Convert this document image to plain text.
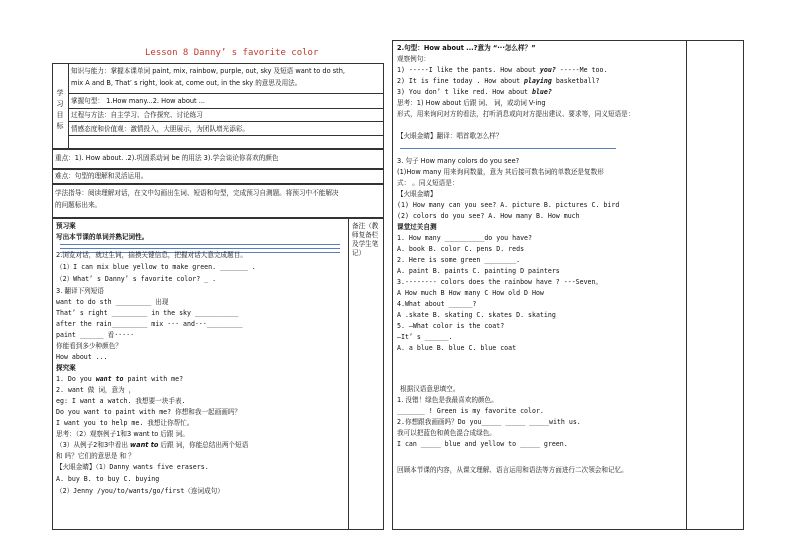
Lesson 8 Danny’ s favorite color
学
习
目
标
知识与能力：掌握本课单词 paint, mix, rainbow, purple, out, sky 及短语 want to do sth,
mix A and B, That’ s right, look at, come out, in the sky 的意思及用法。
掌握句型： 1.How many...2. How about ...
过程与方法：自主学习、合作探究、讨论练习
情感态度和价值观：激情投入，大胆展示，为团队增光添彩。
重点：1). How about. .2).巩固系动词 be 的用法 3).学会谈论你喜欢的颜色
难点：句型的理解和灵活运用。
学法指导：阅读理解对话，在文中勾画出生词、短语和句型，完成预习自测题。将预习中不能解决
的问题标出来。
预习案
写出本节课的单词并熟记词性。
备注（教
师复备栏
及学生笔
记）
2.浏览对话，就过生词，揣摸关键信息，把握对话大意完成题目。
（1）I can mix blue yellow to make green. _______ .
（2）What’ s Danny’ s favorite color? _ .
3. 翻译下列短语
want to do sth _________ 出现
That’ s right _________ in the sky ___________
after the rain_________ mix ··· and···_________
paint ______ 看·····
你能看到多少种颜色？
How about ...
探究案
1. Do you want to paint with me?
2. want 做 词，意为 ，
eg: I want a watch. 我想要一块手表.
Do you want to paint with me? 你想和我一起画画吗？
I want you to help me. 我想让你帮忙。
思考：（2）观察例子1和3 want to 后跟 词。
（3）从例子2和3中看出 want to 后跟 词，你能总结出两个短语
和 吗？它们的意思是 和 ？
【火眼金睛】（1）Danny wants five erasers.
A. buy B. to buy C. buying
（2）Jenny /you/to/wants/go/first（连词成句）
2.句型：How about ...?意为 “···怎么样？”
观察例句：
1) -----I like the pants. How about you? -----Me too.
2) It is fine today . How about playing basketball?
3) You don’ t like red. How about blue?
思考：1) How about 后跟 词、 词，或动词 V-ing
形式，用来询问对方的看法，打听消息或向对方提出建议、要求等，同义短语是：
【火眼金睛】翻译：唱首歌怎么样？
3. 句子 How many colors do you see?
(1)How many 用来询问数量，意为 其后接可数名词的单数还是复数形
式： 。同义短语是：
【火眼金睛】
(1) How many can you see? A. picture B. pictures C. bird
(2) colors do you see? A. How many B. How much
课堂过关自测
1. How many __________do you have?
A. book B. color C. pens D. reds
2. Here is some green ________.
A. paint B. paints C. painting D painters
3.-------- colors does the rainbow have ? ---Seven。
A How much B How many C How old D How
4.What about ______?
A .skate B. skating C. skates D. skating
5. —What color is the coat?
—It’ s ______.
A. a blue B. blue C. blue coat
根据汉语意思填空。
1. 没错！绿色是我最喜欢的颜色。
_______ ! Green is my favorite color.
2.你想跟我画画吗？Do you_____ _____ _____with us.
我可以把蓝色和黄色混合成绿色。
I can _____ blue and yellow to _____ green.
回顾本节课的内容，从课文理解、语言运用和语法等方面进行二次领会和记忆。
